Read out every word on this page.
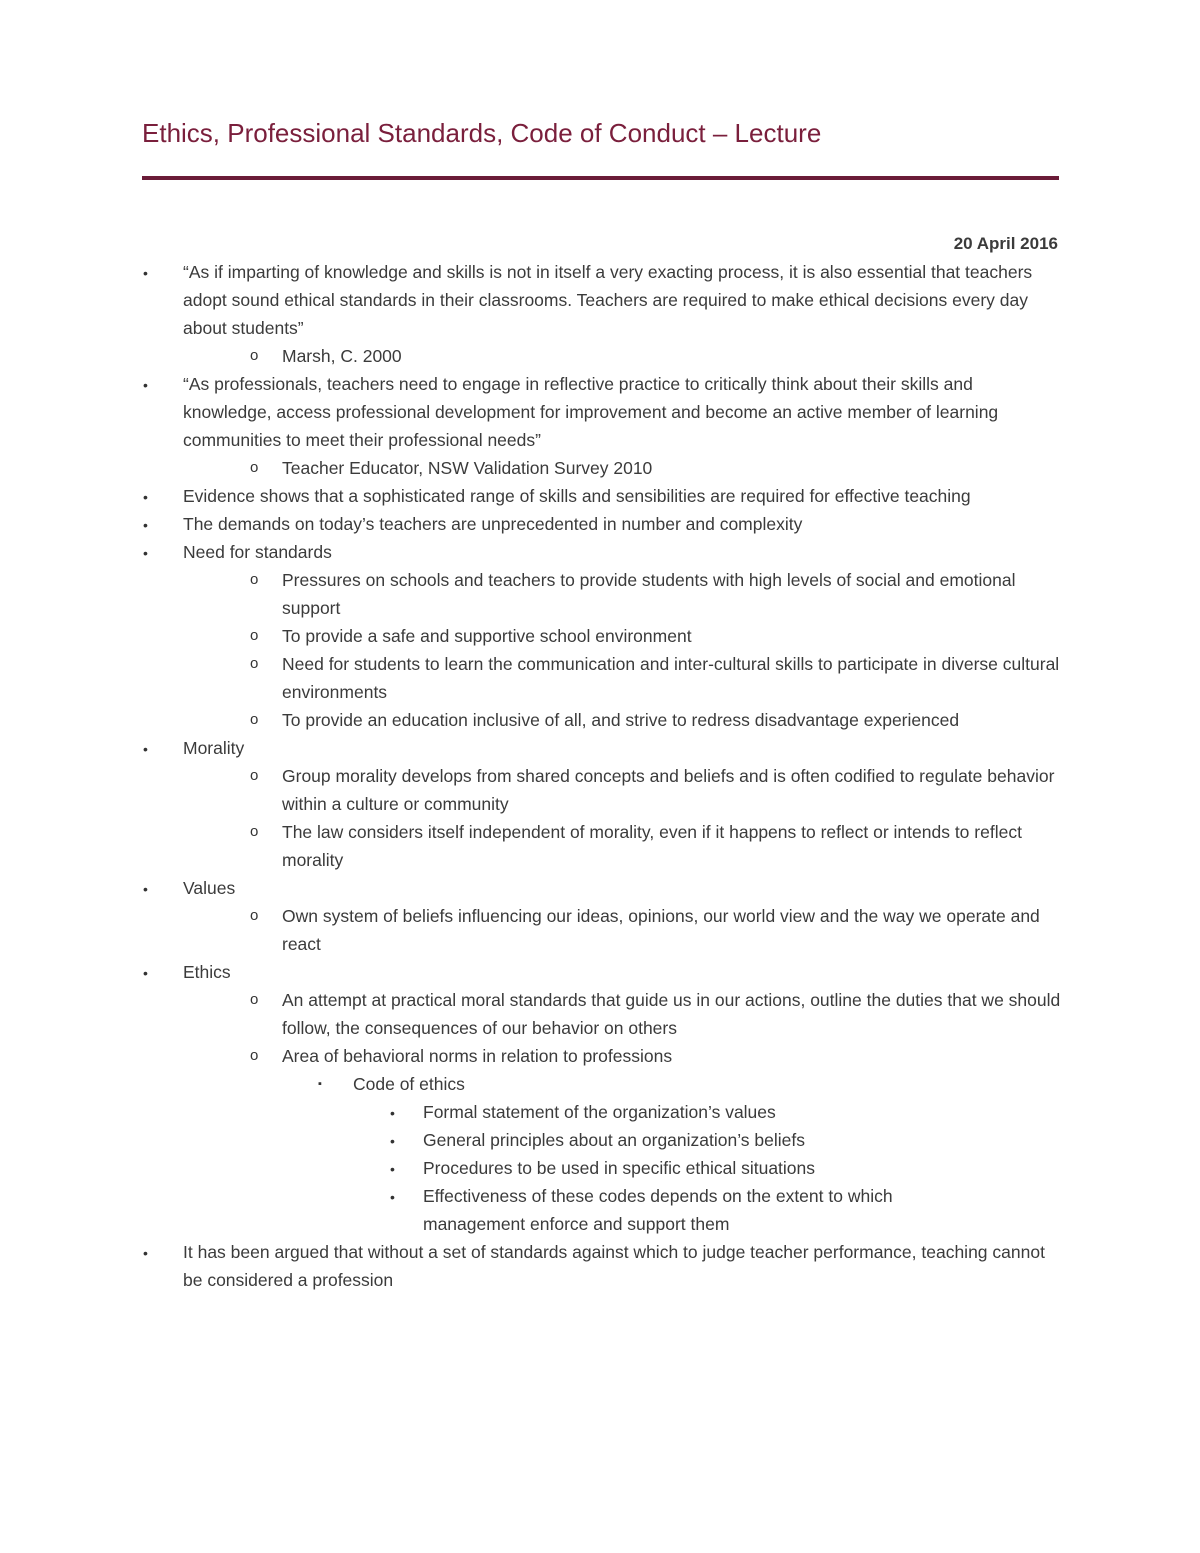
Ethics, Professional Standards, Code of Conduct – Lecture
20 April 2016
• “As if imparting of knowledge and skills is not in itself a very exacting process, it is also essential that teachers adopt sound ethical standards in their classrooms. Teachers are required to make ethical decisions every day about students”
o Marsh, C. 2000
• “As professionals, teachers need to engage in reflective practice to critically think about their skills and knowledge, access professional development for improvement and become an active member of learning communities to meet their professional needs”
o Teacher Educator, NSW Validation Survey 2010
• Evidence shows that a sophisticated range of skills and sensibilities are required for effective teaching
• The demands on today’s teachers are unprecedented in number and complexity
• Need for standards
o Pressures on schools and teachers to provide students with high levels of social and emotional support
o To provide a safe and supportive school environment
o Need for students to learn the communication and inter-cultural skills to participate in diverse cultural environments
o To provide an education inclusive of all, and strive to redress disadvantage experienced
• Morality
o Group morality develops from shared concepts and beliefs and is often codified to regulate behavior within a culture or community
o The law considers itself independent of morality, even if it happens to reflect or intends to reflect morality
• Values
o Own system of beliefs influencing our ideas, opinions, our world view and the way we operate and react
• Ethics
o An attempt at practical moral standards that guide us in our actions, outline the duties that we should follow, the consequences of our behavior on others
o Area of behavioral norms in relation to professions
▪ Code of ethics
• Formal statement of the organization’s values
• General principles about an organization’s beliefs
• Procedures to be used in specific ethical situations
• Effectiveness of these codes depends on the extent to which management enforce and support them
• It has been argued that without a set of standards against which to judge teacher performance, teaching cannot be considered a profession
